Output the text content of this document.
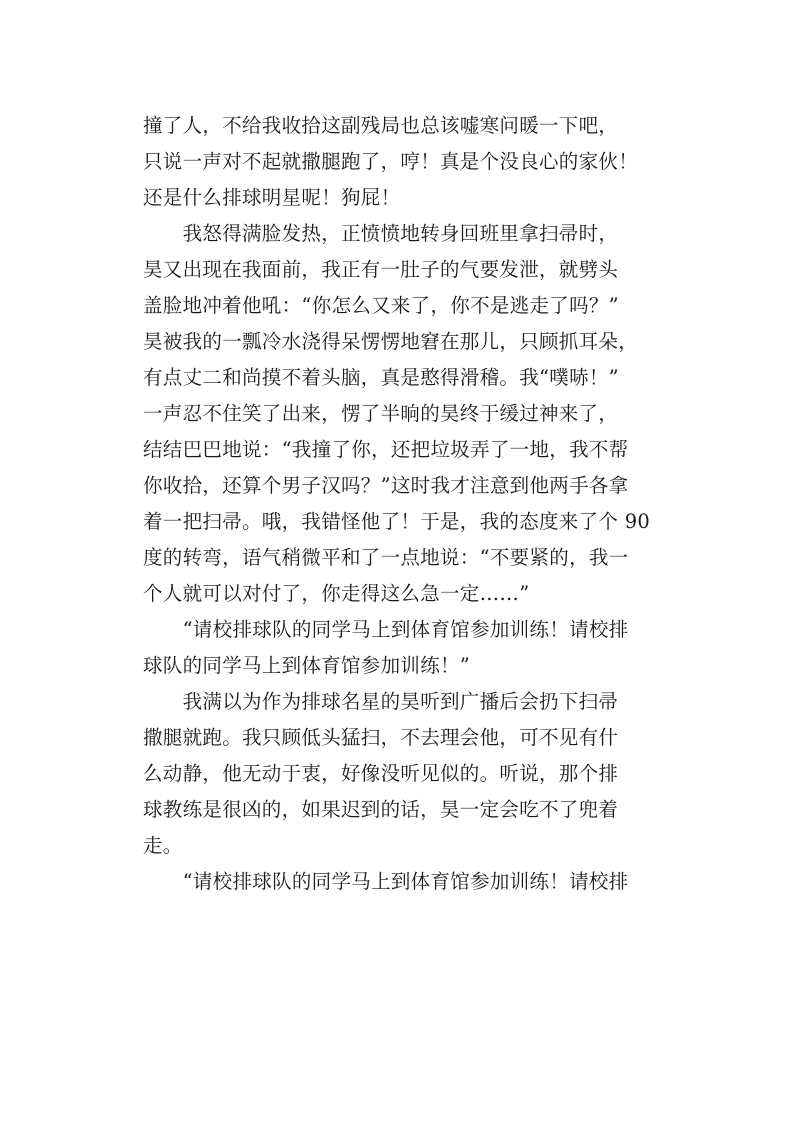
撞了人，不给我收拾这副残局也总该嘘寒问暖一下吧，
只说一声对不起就撒腿跑了，哼！真是个没良心的家伙！
还是什么排球明星呢！狗屁！
　　我怒得满脸发热，正愤愤地转身回班里拿扫帚时，
昊又出现在我面前，我正有一肚子的气要发泄，就劈头
盖脸地冲着他吼：“你怎么又来了，你不是逃走了吗？”
昊被我的一瓢冷水浇得呆愣愣地窘在那儿，只顾抓耳朵，
有点丈二和尚摸不着头脑，真是憨得滑稽。我“噗哧！”
一声忍不住笑了出来，愣了半晌的昊终于缓过神来了，
结结巴巴地说：“我撞了你，还把垃圾弄了一地，我不帮
你收拾，还算个男子汉吗？”这时我才注意到他两手各拿
着一把扫帚。哦，我错怪他了！于是，我的态度来了个 90
度的转弯，语气稍微平和了一点地说：“不要紧的，我一
个人就可以对付了，你走得这么急一定……”
　　“请校排球队的同学马上到体育馆参加训练！请校排
球队的同学马上到体育馆参加训练！”
　　我满以为作为排球名星的昊听到广播后会扔下扫帚
撒腿就跑。我只顾低头猛扫，不去理会他，可不见有什
么动静，他无动于衷，好像没听见似的。听说，那个排
球教练是很凶的，如果迟到的话，昊一定会吃不了兜着
走。
　　“请校排球队的同学马上到体育馆参加训练！请校排
